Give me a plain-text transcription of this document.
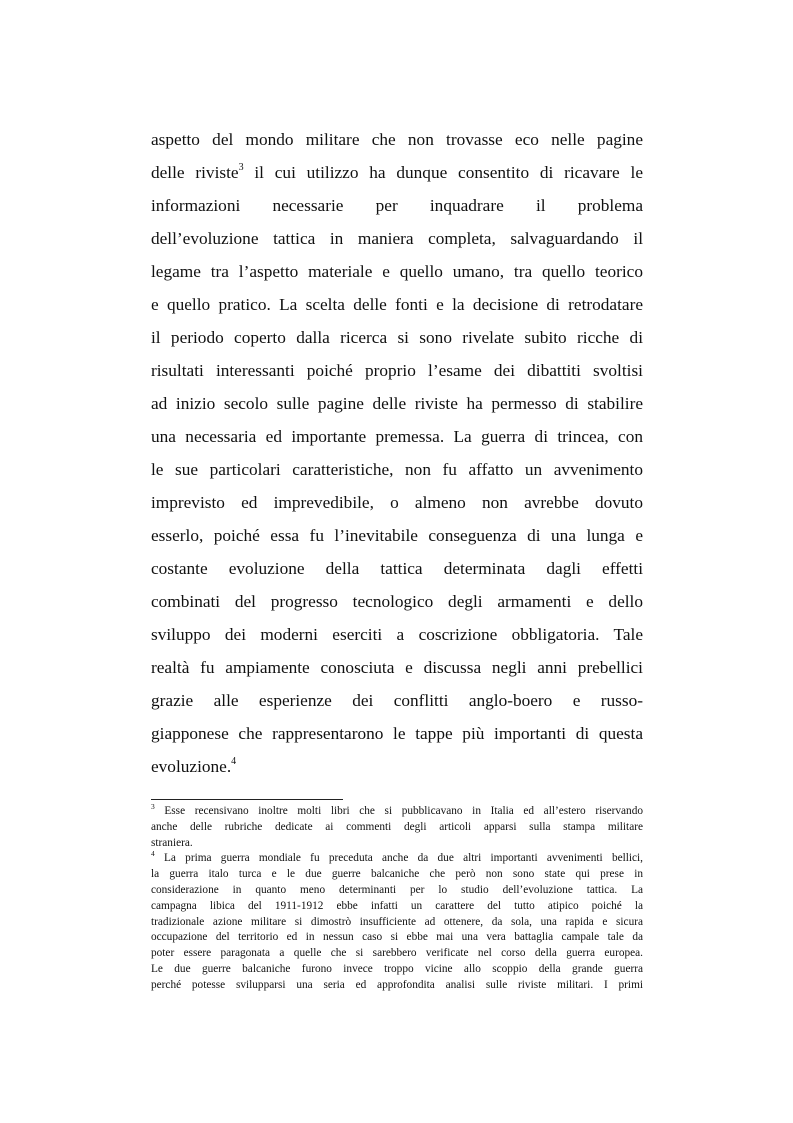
aspetto del mondo militare che non trovasse eco nelle pagine
delle riviste$^3$ il cui utilizzo ha dunque consentito di ricavare le
informazioni necessarie per inquadrare il problema
dell’evoluzione tattica in maniera completa, salvaguardando il
legame tra l’aspetto materiale e quello umano, tra quello teorico
e quello pratico. La scelta delle fonti e la decisione di retrodatare
il periodo coperto dalla ricerca si sono rivelate subito ricche di
risultati interessanti poiché proprio l’esame dei dibattiti svoltisi
ad inizio secolo sulle pagine delle riviste ha permesso di stabilire
una necessaria ed importante premessa. La guerra di trincea, con
le sue particolari caratteristiche, non fu affatto un avvenimento
imprevisto ed imprevedibile, o almeno non avrebbe dovuto
esserlo, poiché essa fu l’inevitabile conseguenza di una lunga e
costante evoluzione della tattica determinata dagli effetti
combinati del progresso tecnologico degli armamenti e dello
sviluppo dei moderni eserciti a coscrizione obbligatoria. Tale
realtà fu ampiamente conosciuta e discussa negli anni prebellici
grazie alle esperienze dei conflitti anglo-boero e russo-
giapponese che rappresentarono le tappe più importanti di questa
evoluzione.$^4$
$^3$ Esse recensivano inoltre molti libri che si pubblicavano in Italia ed all’estero riservando
anche delle rubriche dedicate ai commenti degli articoli apparsi sulla stampa militare
straniera.
$^4$ La prima guerra mondiale fu preceduta anche da due altri importanti avvenimenti bellici,
la guerra italo turca e le due guerre balcaniche che però non sono state qui prese in
considerazione in quanto meno determinanti per lo studio dell’evoluzione tattica. La
campagna libica del 1911-1912 ebbe infatti un carattere del tutto atipico poiché la
tradizionale azione militare si dimostrò insufficiente ad ottenere, da sola, una rapida e sicura
occupazione del territorio ed in nessun caso si ebbe mai una vera battaglia campale tale da
poter essere paragonata a quelle che si sarebbero verificate nel corso della guerra europea.
Le due guerre balcaniche furono invece troppo vicine allo scoppio della grande guerra
perché potesse svilupparsi una seria ed approfondita analisi sulle riviste militari. I primi
